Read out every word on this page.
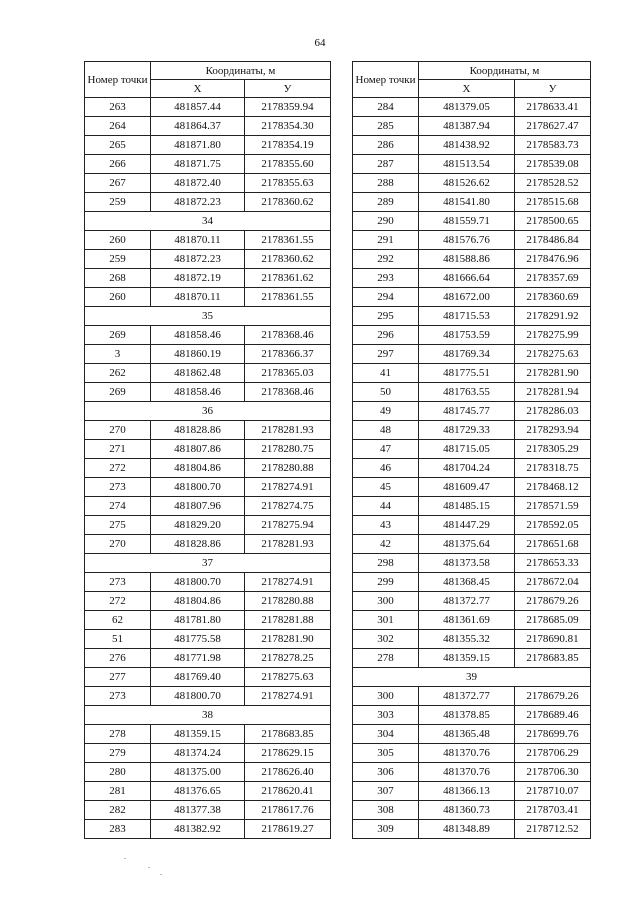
64
Номер точки	Координаты, м	
	X	У
263	481857.44	2178359.94
264	481864.37	2178354.30
265	481871.80	2178354.19
266	481871.75	2178355.60
267	481872.40	2178355.63
259	481872.23	2178360.62
34		
260	481870.11	2178361.55
259	481872.23	2178360.62
268	481872.19	2178361.62
260	481870.11	2178361.55
35		
269	481858.46	2178368.46
3	481860.19	2178366.37
262	481862.48	2178365.03
269	481858.46	2178368.46
36		
270	481828.86	2178281.93
271	481807.86	2178280.75
272	481804.86	2178280.88
273	481800.70	2178274.91
274	481807.96	2178274.75
275	481829.20	2178275.94
270	481828.86	2178281.93
37		
273	481800.70	2178274.91
272	481804.86	2178280.88
62	481781.80	2178281.88
51	481775.58	2178281.90
276	481771.98	2178278.25
277	481769.40	2178275.63
273	481800.70	2178274.91
38		
278	481359.15	2178683.85
279	481374.24	2178629.15
280	481375.00	2178626.40
281	481376.65	2178620.41
282	481377.38	2178617.76
283	481382.92	2178619.27
Номер точки	Координаты, м	
	X	У
284	481379.05	2178633.41
285	481387.94	2178627.47
286	481438.92	2178583.73
287	481513.54	2178539.08
288	481526.62	2178528.52
289	481541.80	2178515.68
290	481559.71	2178500.65
291	481576.76	2178486.84
292	481588.86	2178476.96
293	481666.64	2178357.69
294	481672.00	2178360.69
295	481715.53	2178291.92
296	481753.59	2178275.99
297	481769.34	2178275.63
41	481775.51	2178281.90
50	481763.55	2178281.94
49	481745.77	2178286.03
48	481729.33	2178293.94
47	481715.05	2178305.29
46	481704.24	2178318.75
45	481609.47	2178468.12
44	481485.15	2178571.59
43	481447.29	2178592.05
42	481375.64	2178651.68
298	481373.58	2178653.33
299	481368.45	2178672.04
300	481372.77	2178679.26
301	481361.69	2178685.09
302	481355.32	2178690.81
278	481359.15	2178683.85
39		
300	481372.77	2178679.26
303	481378.85	2178689.46
304	481365.48	2178699.76
305	481370.76	2178706.29
306	481370.76	2178706.30
307	481366.13	2178710.07
308	481360.73	2178703.41
309	481348.89	2178712.52
